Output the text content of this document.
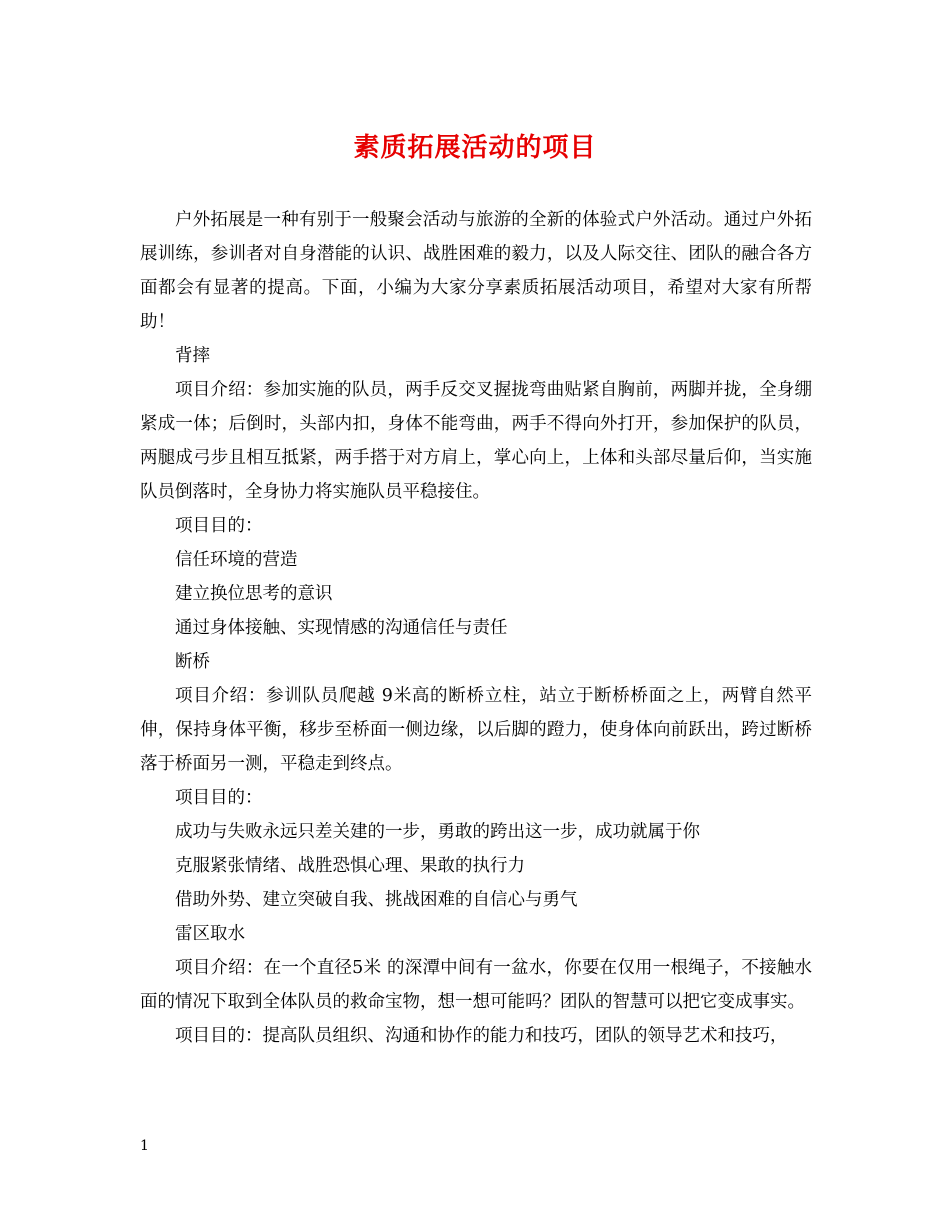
素质拓展活动的项目

户外拓展是一种有别于一般聚会活动与旅游的全新的体验式户外活动。通过户外拓展训练，参训者对自身潜能的认识、战胜困难的毅力，以及人际交往、团队的融合各方面都会有显著的提高。下面，小编为大家分享素质拓展活动项目，希望对大家有所帮助！

背摔

项目介绍：参加实施的队员，两手反交叉握拢弯曲贴紧自胸前，两脚并拢，全身绷紧成一体；后倒时，头部内扣，身体不能弯曲，两手不得向外打开，参加保护的队员，两腿成弓步且相互抵紧，两手搭于对方肩上，掌心向上，上体和头部尽量后仰，当实施队员倒落时，全身协力将实施队员平稳接住。

项目目的：

信任环境的营造

建立换位思考的意识

通过身体接触、实现情感的沟通信任与责任

断桥

项目介绍：参训队员爬越 9米高的断桥立柱，站立于断桥桥面之上，两臂自然平伸，保持身体平衡，移步至桥面一侧边缘，以后脚的蹬力，使身体向前跃出，跨过断桥落于桥面另一测，平稳走到终点。

项目目的：

成功与失败永远只差关建的一步，勇敢的跨出这一步，成功就属于你

克服紧张情绪、战胜恐惧心理、果敢的执行力

借助外势、建立突破自我、挑战困难的自信心与勇气

雷区取水

项目介绍：在一个直径5米 的深潭中间有一盆水，你要在仅用一根绳子，不接触水面的情况下取到全体队员的救命宝物，想一想可能吗？团队的智慧可以把它变成事实。

项目目的：提高队员组织、沟通和协作的能力和技巧，团队的领导艺术和技巧，

1
